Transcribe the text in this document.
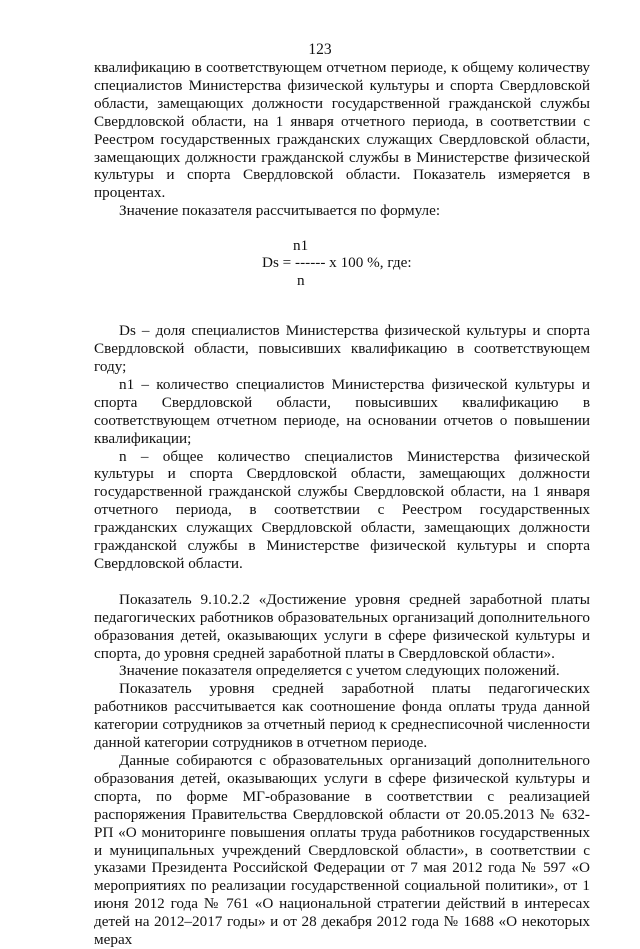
123

квалификацию в соответствующем отчетном периоде, к общему количеству специалистов Министерства физической культуры и спорта Свердловской области, замещающих должности государственной гражданской службы Свердловской области, на 1 января отчетного периода, в соответствии с Реестром государственных гражданских служащих Свердловской области, замещающих должности гражданской службы в Министерстве физической культуры и спорта Свердловской области. Показатель измеряется в процентах.

Значение показателя рассчитывается по формуле:

n1
Ds = ------ x 100 %, где:
n

Ds – доля специалистов Министерства физической культуры и спорта Свердловской области, повысивших квалификацию в соответствующем году;

n1 – количество специалистов Министерства физической культуры и спорта Свердловской области, повысивших квалификацию в соответствующем отчетном периоде, на основании отчетов о повышении квалификации;

n – общее количество специалистов Министерства физической культуры и спорта Свердловской области, замещающих должности государственной гражданской службы Свердловской области, на 1 января отчетного периода, в соответствии с Реестром государственных гражданских служащих Свердловской области, замещающих должности гражданской службы в Министерстве физической культуры и спорта Свердловской области.

Показатель 9.10.2.2 «Достижение уровня средней заработной платы педагогических работников образовательных организаций дополнительного образования детей, оказывающих услуги в сфере физической культуры и спорта, до уровня средней заработной платы в Свердловской области».

Значение показателя определяется с учетом следующих положений.

Показатель уровня средней заработной платы педагогических работников рассчитывается как соотношение фонда оплаты труда данной категории сотрудников за отчетный период к среднесписочной численности данной категории сотрудников в отчетном периоде.

Данные собираются с образовательных организаций дополнительного образования детей, оказывающих услуги в сфере физической культуры и спорта, по форме МГ-образование в соответствии с реализацией распоряжения Правительства Свердловской области от 20.05.2013 № 632-РП «О мониторинге повышения оплаты труда работников государственных и муниципальных учреждений Свердловской области», в соответствии с указами Президента Российской Федерации от 7 мая 2012 года № 597 «О мероприятиях по реализации государственной социальной политики», от 1 июня 2012 года № 761 «О национальной стратегии действий в интересах детей на 2012–2017 годы» и от 28 декабря 2012 года № 1688 «О некоторых мерах
